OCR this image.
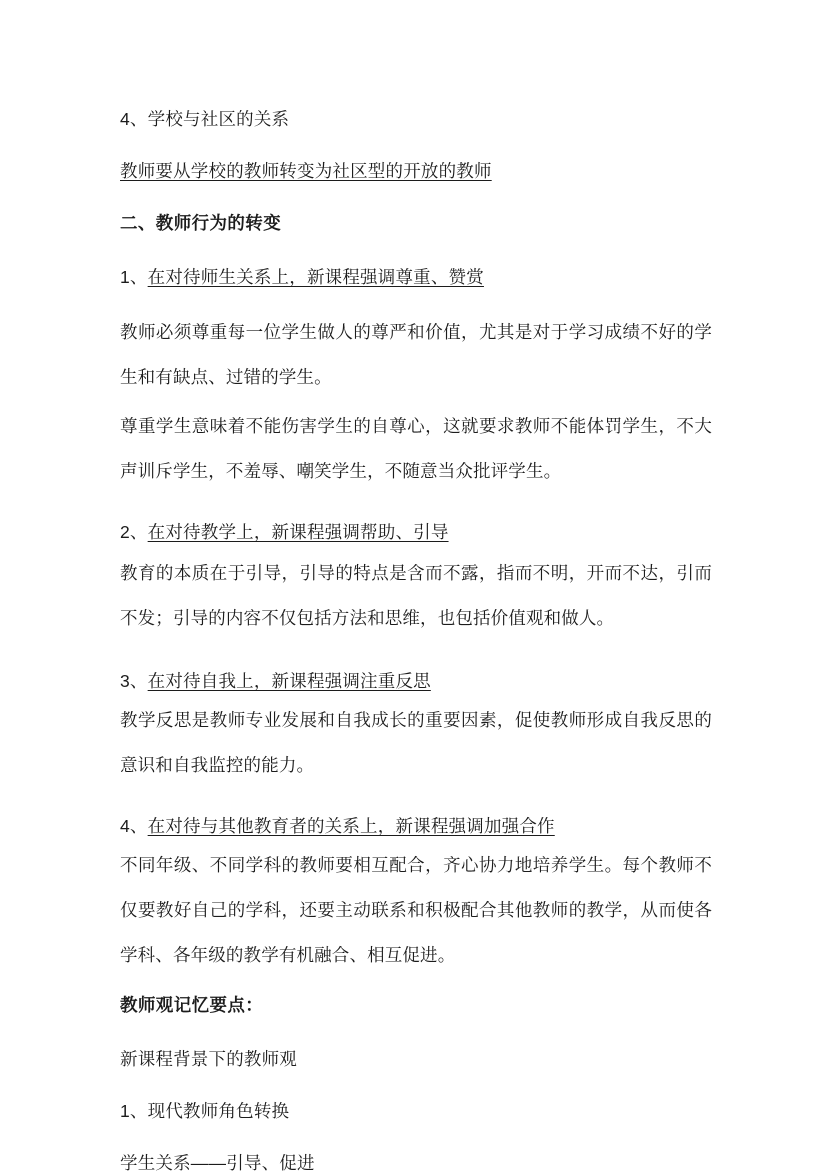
4、学校与社区的关系
教师要从学校的教师转变为社区型的开放的教师
二、教师行为的转变
1、在对待师生关系上，新课程强调尊重、赞赏
教师必须尊重每一位学生做人的尊严和价值，尤其是对于学习成绩不好的学生和有缺点、过错的学生。
尊重学生意味着不能伤害学生的自尊心，这就要求教师不能体罚学生，不大声训斥学生，不羞辱、嘲笑学生，不随意当众批评学生。
2、在对待教学上，新课程强调帮助、引导
教育的本质在于引导，引导的特点是含而不露，指而不明，开而不达，引而不发；引导的内容不仅包括方法和思维，也包括价值观和做人。
3、在对待自我上，新课程强调注重反思
教学反思是教师专业发展和自我成长的重要因素，促使教师形成自我反思的意识和自我监控的能力。
4、在对待与其他教育者的关系上，新课程强调加强合作
不同年级、不同学科的教师要相互配合，齐心协力地培养学生。每个教师不仅要教好自己的学科，还要主动联系和积极配合其他教师的教学，从而使各学科、各年级的教学有机融合、相互促进。
教师观记忆要点：
新课程背景下的教师观
1、现代教师角色转换
学生关系——引导、促进
